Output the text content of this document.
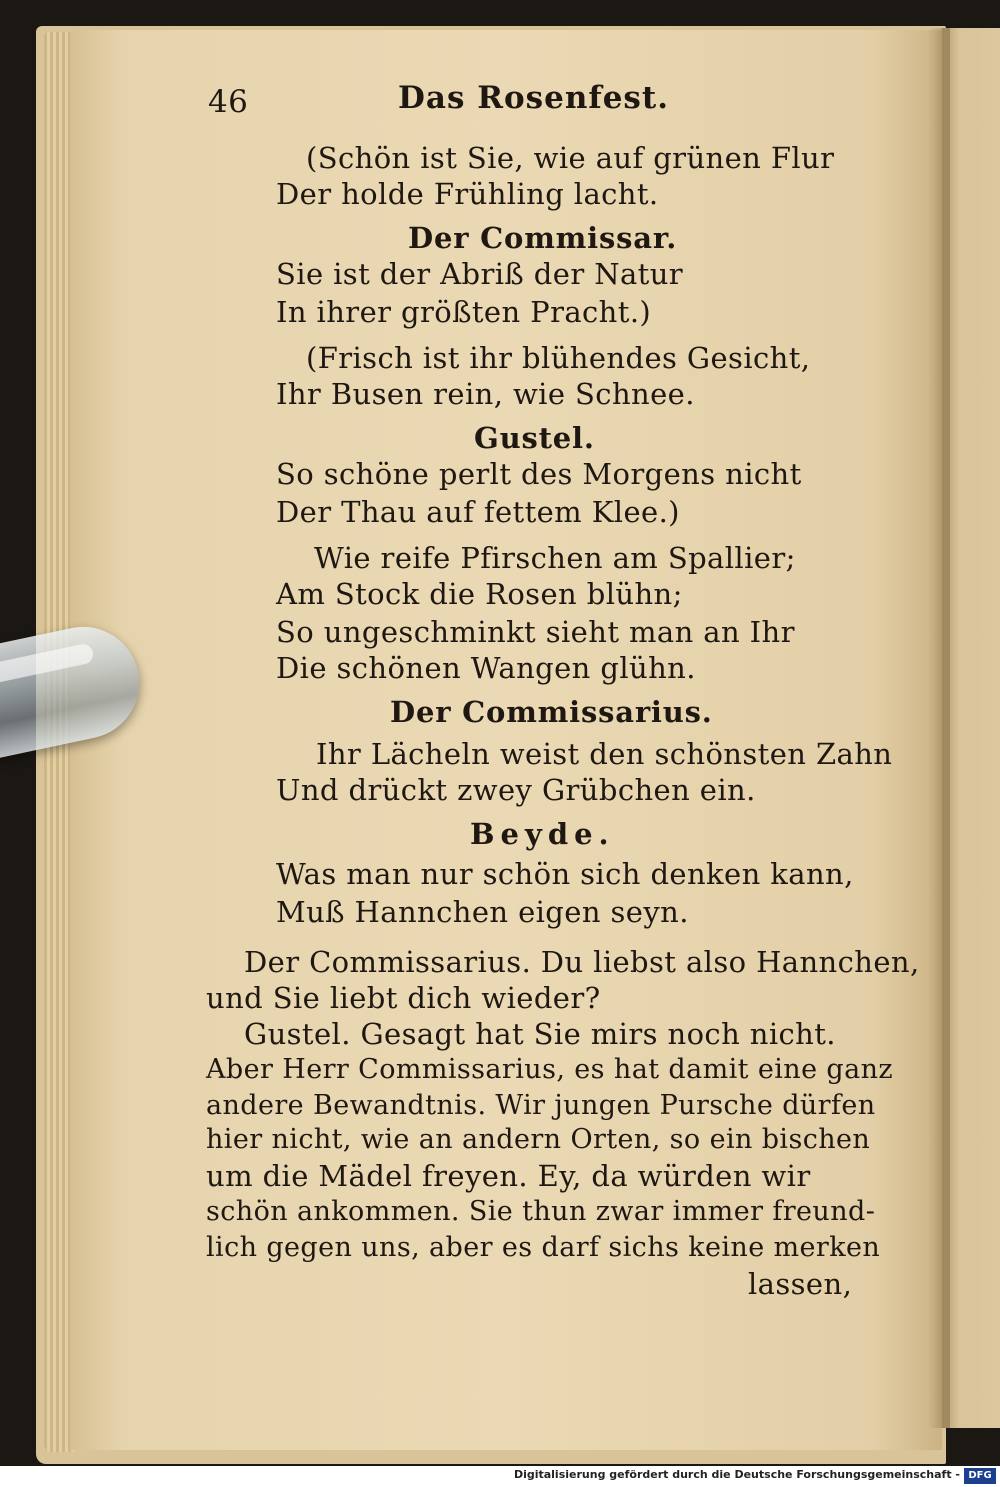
46	Das Rosenfest.
(Schön ist Sie, wie auf grünen Flur
Der holde Frühling lacht.
Der Commissar.
Sie ist der Abriß der Natur
In ihrer größten Pracht.)
(Frisch ist ihr blühendes Gesicht,
Ihr Busen rein, wie Schnee.
Gustel.
So schöne perlt des Morgens nicht
Der Thau auf fettem Klee.)
Wie reife Pfirschen am Spallier;
Am Stock die Rosen blühn;
So ungeschminkt sieht man an Ihr
Die schönen Wangen glühn.
Der Commissarius.
Ihr Lächeln weist den schönsten Zahn
Und drückt zwey Grübchen ein.
Beyde.
Was man nur schön sich denken kann,
Muß Hannchen eigen seyn.
Der Commissarius. Du liebst also Hannchen,
und Sie liebt dich wieder?
Gustel. Gesagt hat Sie mirs noch nicht.
Aber Herr Commissarius, es hat damit eine ganz
andere Bewandtnis. Wir jungen Pursche dürfen
hier nicht, wie an andern Orten, so ein bischen
um die Mädel freyen. Ey, da würden wir
schön ankommen. Sie thun zwar immer freund-
lich gegen uns, aber es darf sichs keine merken
lassen,
Digitalisierung gefördert durch die Deutsche Forschungsgemeinschaft - DFG
